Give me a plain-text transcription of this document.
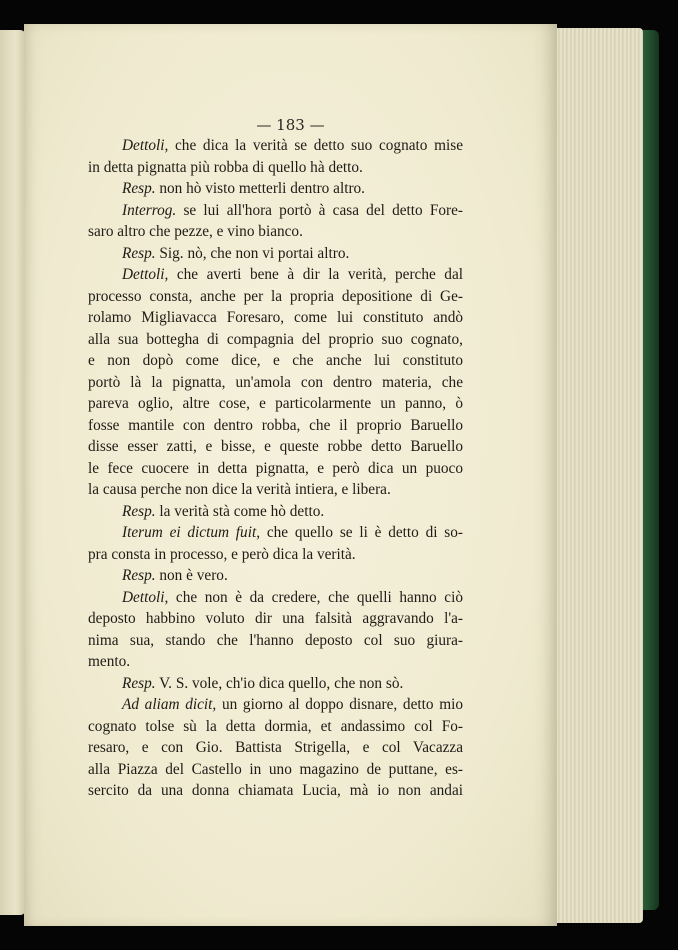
— 183 —
Dettoli, che dica la verità se detto suo cognato mise
in detta pignatta più robba di quello hà detto.
Resp. non hò visto metterli dentro altro.
Interrog. se lui all'hora portò à casa del detto Fore-
saro altro che pezze, e vino bianco.
Resp. Sig. nò, che non vi portai altro.
Dettoli, che averti bene à dir la verità, perche dal
processo consta, anche per la propria depositione di Ge-
rolamo Migliavacca Foresaro, come lui constituto andò
alla sua bottegha di compagnia del proprio suo cognato,
e non dopò come dice, e che anche lui constituto
portò là la pignatta, un'amola con dentro materia, che
pareva oglio, altre cose, e particolarmente un panno, ò
fosse mantile con dentro robba, che il proprio Baruello
disse esser zatti, e bisse, e queste robbe detto Baruello
le fece cuocere in detta pignatta, e però dica un puoco
la causa perche non dice la verità intiera, e libera.
Resp. la verità stà come hò detto.
Iterum ei dictum fuit, che quello se li è detto di so-
pra consta in processo, e però dica la verità.
Resp. non è vero.
Dettoli, che non è da credere, che quelli hanno ciò
deposto habbino voluto dir una falsità aggravando l'a-
nima sua, stando che l'hanno deposto col suo giura-
mento.
Resp. V. S. vole, ch'io dica quello, che non sò.
Ad aliam dicit, un giorno al doppo disnare, detto mio
cognato tolse sù la detta dormia, et andassimo col Fo-
resaro, e con Gio. Battista Strigella, e col Vacazza
alla Piazza del Castello in uno magazino de puttane, es-
sercito da una donna chiamata Lucia, mà io non andai
